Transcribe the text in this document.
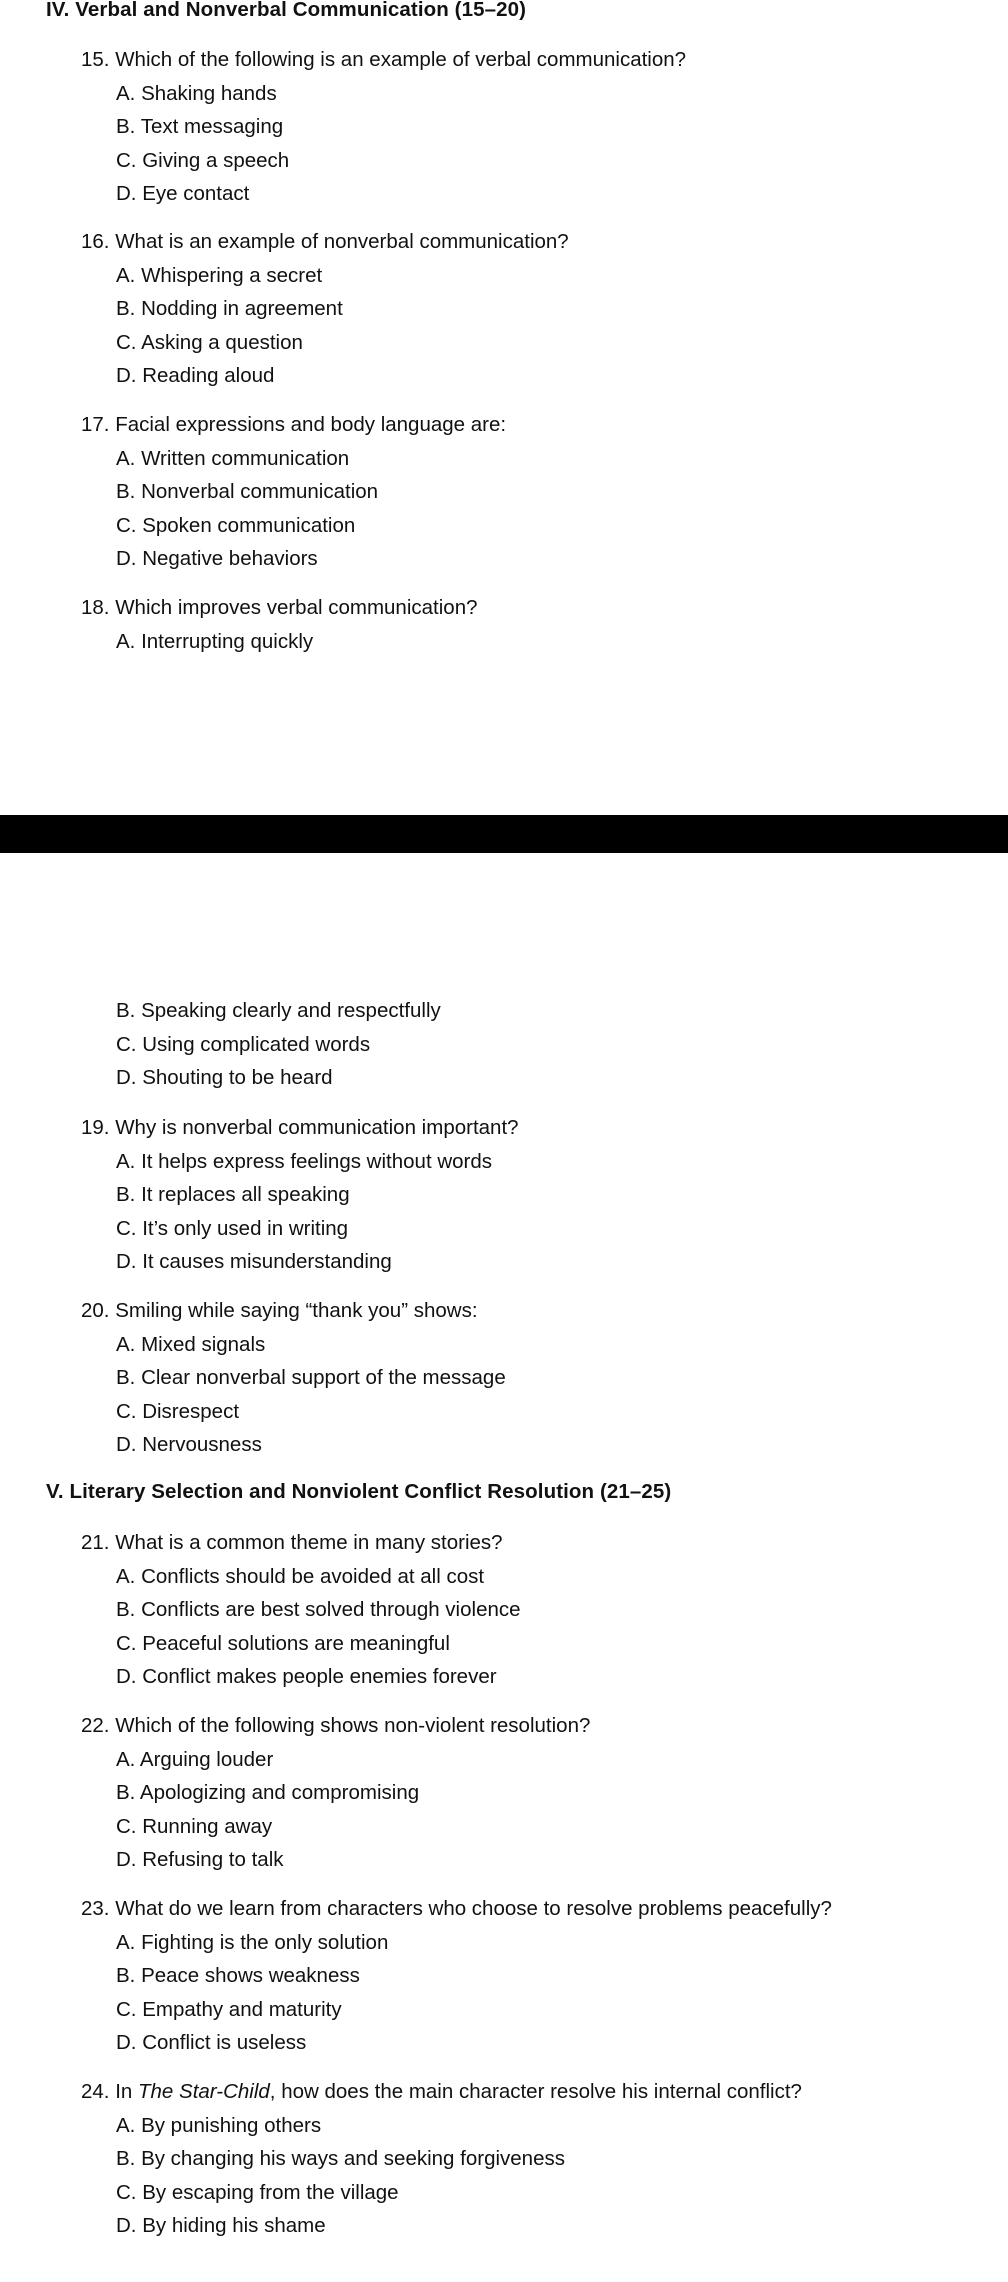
IV. Verbal and Nonverbal Communication (15–20)
15. Which of the following is an example of verbal communication?
A. Shaking hands
B. Text messaging
C. Giving a speech
D. Eye contact
16. What is an example of nonverbal communication?
A. Whispering a secret
B. Nodding in agreement
C. Asking a question
D. Reading aloud
17. Facial expressions and body language are:
A. Written communication
B. Nonverbal communication
C. Spoken communication
D. Negative behaviors
18. Which improves verbal communication?
A. Interrupting quickly
B. Speaking clearly and respectfully
C. Using complicated words
D. Shouting to be heard
19. Why is nonverbal communication important?
A. It helps express feelings without words
B. It replaces all speaking
C. It’s only used in writing
D. It causes misunderstanding
20. Smiling while saying “thank you” shows:
A. Mixed signals
B. Clear nonverbal support of the message
C. Disrespect
D. Nervousness
V. Literary Selection and Nonviolent Conflict Resolution (21–25)
21. What is a common theme in many stories?
A. Conflicts should be avoided at all cost
B. Conflicts are best solved through violence
C. Peaceful solutions are meaningful
D. Conflict makes people enemies forever
22. Which of the following shows non-violent resolution?
A. Arguing louder
B. Apologizing and compromising
C. Running away
D. Refusing to talk
23. What do we learn from characters who choose to resolve problems peacefully?
A. Fighting is the only solution
B. Peace shows weakness
C. Empathy and maturity
D. Conflict is useless
24. In The Star-Child, how does the main character resolve his internal conflict?
A. By punishing others
B. By changing his ways and seeking forgiveness
C. By escaping from the village
D. By hiding his shame
